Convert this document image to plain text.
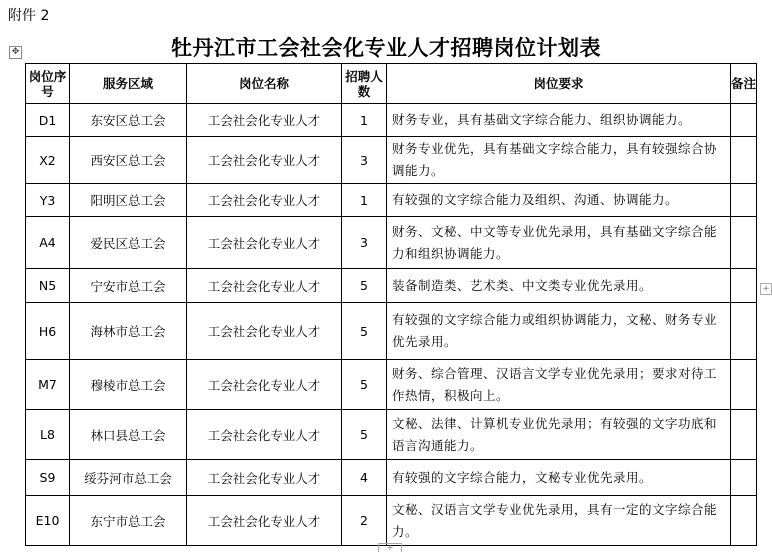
附件 2
✥	牡丹江市工会社会化专业人才招聘岗位计划表
岗位序号	服务区域	岗位名称	招聘人数	岗位要求	备注
D1	东安区总工会	工会社会化专业人才	1	财务专业，具有基础文字综合能力、组织协调能力。	
X2	西安区总工会	工会社会化专业人才	3	财务专业优先，具有基础文字综合能力，具有较强综合协调能力。	
Y3	阳明区总工会	工会社会化专业人才	1	有较强的文字综合能力及组织、沟通、协调能力。	
A4	爱民区总工会	工会社会化专业人才	3	财务、文秘、中文等专业优先录用，具有基础文字综合能力和组织协调能力。	
N5	宁安市总工会	工会社会化专业人才	5	装备制造类、艺术类、中文类专业优先录用。	
H6	海林市总工会	工会社会化专业人才	5	有较强的文字综合能力或组织协调能力，文秘、财务专业优先录用。	
M7	穆棱市总工会	工会社会化专业人才	5	财务、综合管理、汉语言文学专业优先录用；要求对待工作热情，积极向上。	
L8	林口县总工会	工会社会化专业人才	5	文秘、法律、计算机专业优先录用；有较强的文字功底和语言沟通能力。	
S9	绥芬河市总工会	工会社会化专业人才	4	有较强的文字综合能力，文秘专业优先录用。	
E10	东宁市总工会	工会社会化专业人才	2	文秘、汉语言文学专业优先录用，具有一定的文字综合能力。	
+
+
